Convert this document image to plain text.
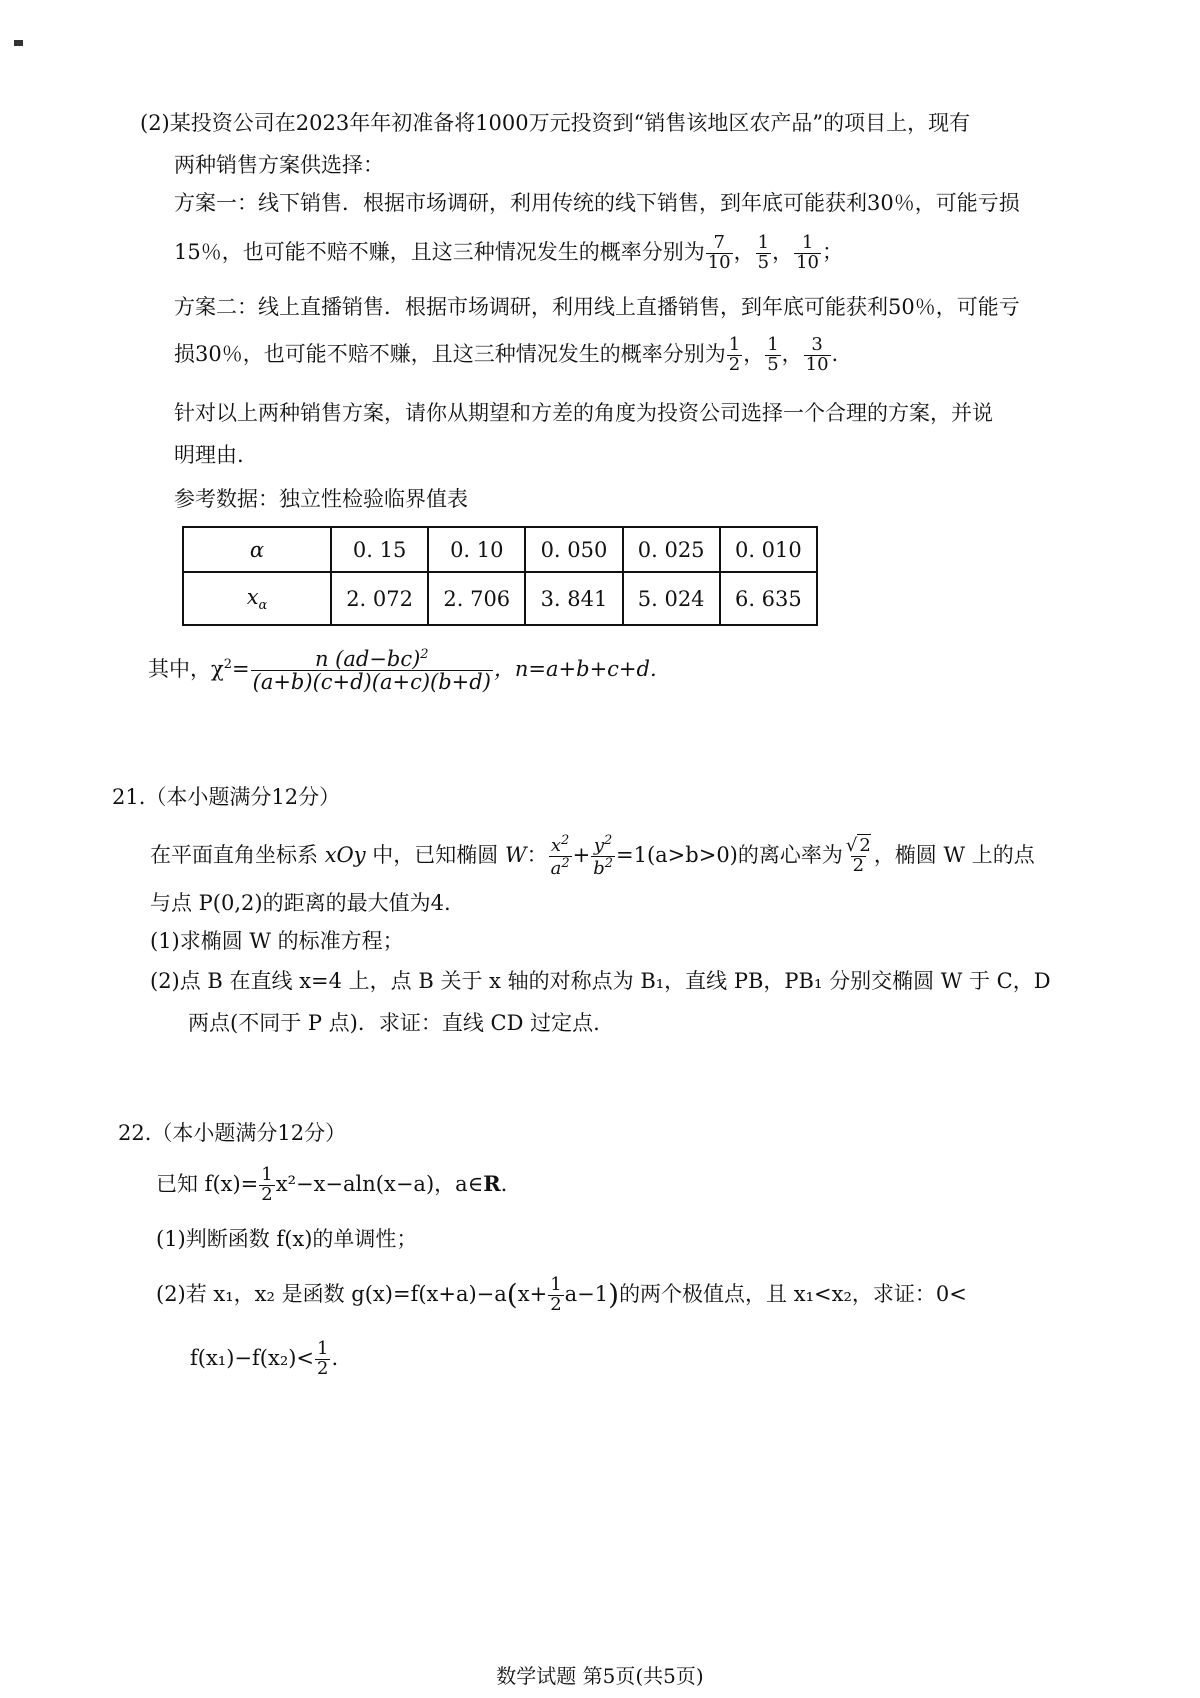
(2)某投资公司在2023年年初准备将1000万元投资到“销售该地区农产品”的项目上，现有
两种销售方案供选择：
方案一：线下销售．根据市场调研，利用传统的线下销售，到年底可能获利30％，可能亏损
15％，也可能不赔不赚，且这三种情况发生的概率分别为 $\frac{7}{10}$ ， $\frac{1}{5}$ ， $\frac{1}{10}$ ；
方案二：线上直播销售．根据市场调研，利用线上直播销售，到年底可能获利50％，可能亏
损30％，也可能不赔不赚，且这三种情况发生的概率分别为 $\frac{1}{2}$ ， $\frac{1}{5}$ ， $\frac{3}{10}$ .
针对以上两种销售方案，请你从期望和方差的角度为投资公司选择一个合理的方案，并说
明理由.
参考数据：独立性检验临界值表
α	0. 15	0. 10	0. 050	0. 025	0. 010
$x_\alpha$	2. 072	2. 706	3. 841	5. 024	6. 635
其中，$\chi^2= \frac{n (ad-bc)^2}{(a+b)(c+d)(a+c)(b+d)}$ ，n=a+b+c+d.
21.（本小题满分12分）
在平面直角坐标系 xOy 中，已知椭圆 W： $\frac{x^2}{a^2} + \frac{y^2}{b^2} =1(a>b>0)$的离心率为 $\frac{√ 2}{2}$ ，椭圆 W 上的点
与点 P(0,2)的距离的最大值为4.
(1)求椭圆 W 的标准方程；
(2)点 B 在直线 x=4 上，点 B 关于 x 轴的对称点为 B₁，直线 PB，PB₁ 分别交椭圆 W 于 C，D
两点(不同于 P 点)．求证：直线 CD 过定点.
22.（本小题满分12分）
已知 $f(x)= \frac{1}{2} x^2-x-aln(x-a)$，a∈R.
(1)判断函数 f(x)的单调性；
(2)若 x₁，x₂ 是函数 $g(x)=f(x+a)-a(x+ \frac{1}{2} a-1)$的两个极值点，且 x₁<x₂，求证：0<
$f(x_1)-f(x_2)< \frac{1}{2}$ .
数学试题 第5页(共5页)
